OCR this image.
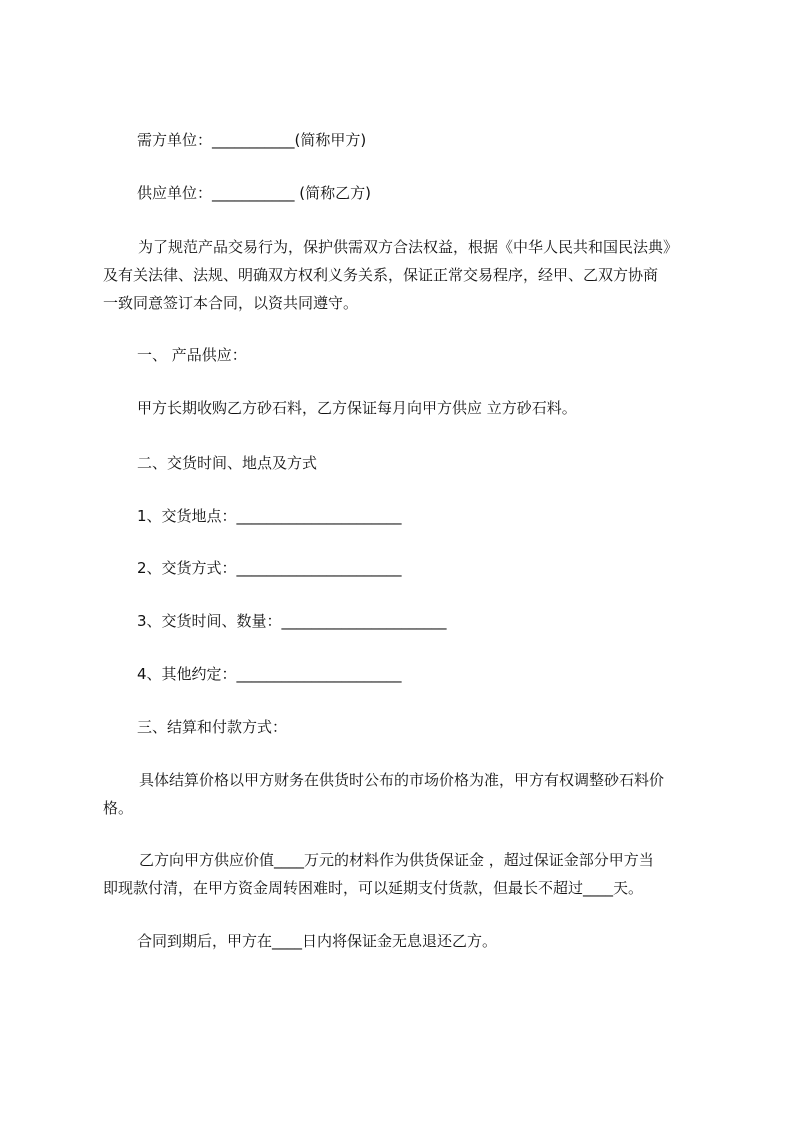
需方单位：___________(简称甲方)
供应单位：___________ (简称乙方)
为了规范产品交易行为，保护供需双方合法权益，根据《中华人民共和国民法典》
及有关法律、法规、明确双方权利义务关系，保证正常交易程序，经甲、乙双方协商
一致同意签订本合同，以资共同遵守。
一、 产品供应：
甲方长期收购乙方砂石料，乙方保证每月向甲方供应 立方砂石料。
二、交货时间、地点及方式
1、交货地点：______________________
2、交货方式：______________________
3、交货时间、数量：______________________
4、其他约定：______________________
三、结算和付款方式：
具体结算价格以甲方财务在供货时公布的市场价格为准，甲方有权调整砂石料价
格。
乙方向甲方供应价值____万元的材料作为供货保证金 ，超过保证金部分甲方当
即现款付清，在甲方资金周转困难时，可以延期支付货款，但最长不超过____天。
合同到期后，甲方在____日内将保证金无息退还乙方。
